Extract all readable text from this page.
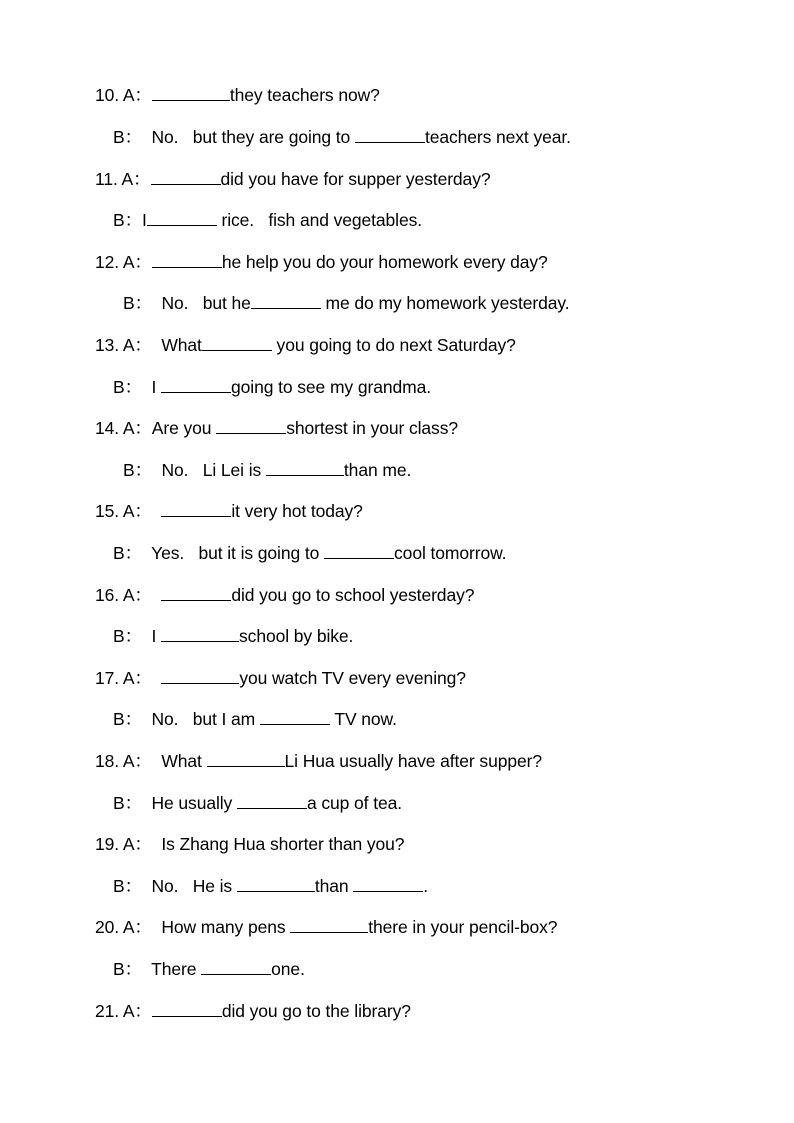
10. A：	they teachers now?
B：  No.   but they are going to	teachers next year.
11. A：	did you have for supper yesterday?
B：I	rice.   fish and vegetables.
12. A：	he help you do your homework every day?
B：  No.   but he	me do my homework yesterday.
13. A：  What	you going to do next Saturday?
B：  I	going to see my grandma.
14. A：Are you	shortest in your class?
B：  No.   Li Lei is	than me.
15. A：	it very hot today?
B：  Yes.   but it is going to	cool tomorrow.
16. A：	did you go to school yesterday?
B：  I	school by bike.
17. A：	you watch TV every evening?
B：  No.   but I am	TV now.
18. A：  What	Li Hua usually have after supper?
B：  He usually	a cup of tea.
19. A：  Is Zhang Hua shorter than you?
B：  No.   He is	than	.
20. A：  How many pens	there in your pencil-box?
B：  There	one.
21. A：	did you go to the library?
